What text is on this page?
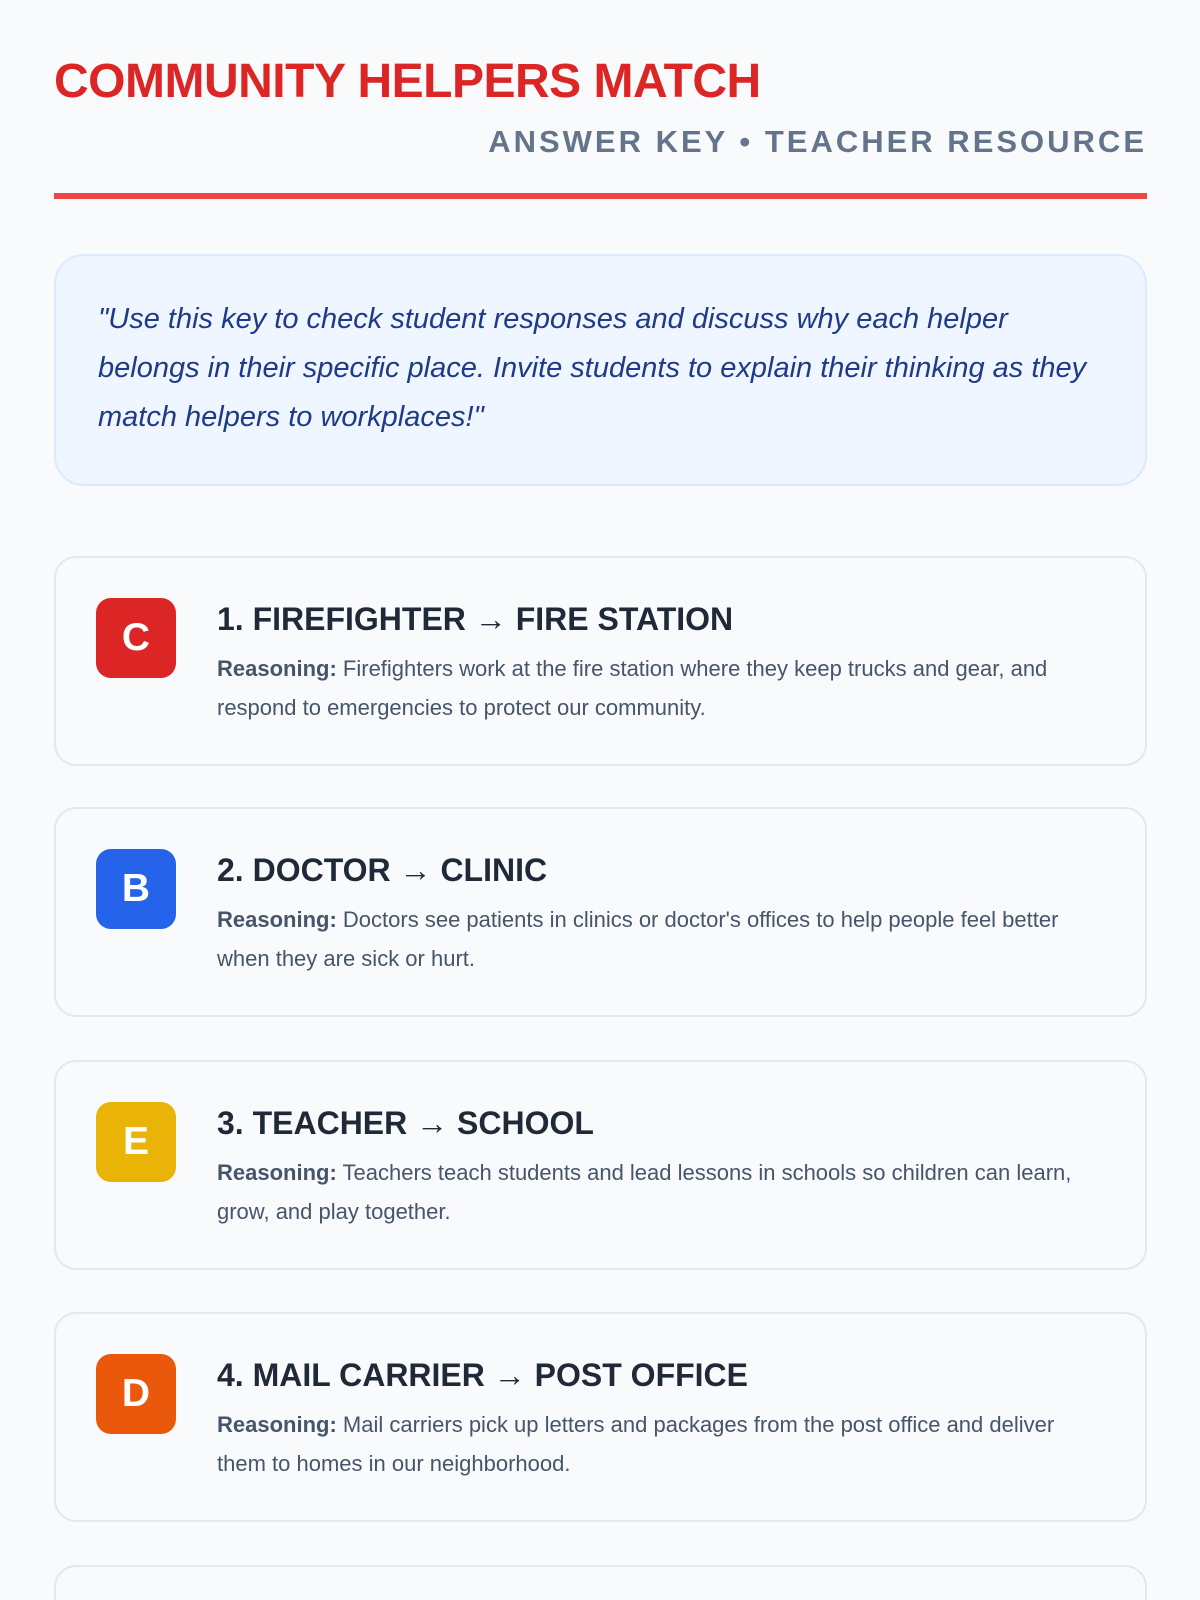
COMMUNITY HELPERS MATCH
ANSWER KEY • TEACHER RESOURCE
"Use this key to check student responses and discuss why each helper belongs in their specific place. Invite students to explain their thinking as they match helpers to workplaces!"
C	1. FIREFIGHTER → FIRE STATION
Reasoning: Firefighters work at the fire station where they keep trucks and gear, and respond to emergencies to protect our community.
B	2. DOCTOR → CLINIC
Reasoning: Doctors see patients in clinics or doctor's offices to help people feel better when they are sick or hurt.
E	3. TEACHER → SCHOOL
Reasoning: Teachers teach students and lead lessons in schools so children can learn, grow, and play together.
D	4. MAIL CARRIER → POST OFFICE
Reasoning: Mail carriers pick up letters and packages from the post office and deliver them to homes in our neighborhood.
